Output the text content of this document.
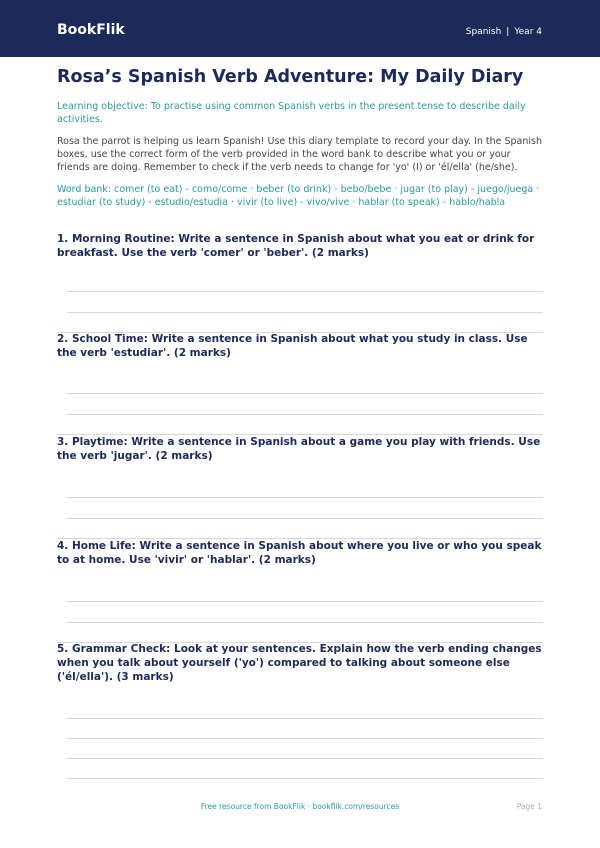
BookFlik	Spanish | Year 4
Rosa’s Spanish Verb Adventure: My Daily Diary

Learning objective: To practise using common Spanish verbs in the present tense to describe daily activities.

Rosa the parrot is helping us learn Spanish! Use this diary template to record your day. In the Spanish boxes, use the correct form of the verb provided in the word bank to describe what you or your friends are doing. Remember to check if the verb needs to change for 'yo' (I) or 'él/ella' (he/she).

Word bank: comer (to eat) - como/come · beber (to drink) - bebo/bebe · jugar (to play) - juego/juega · estudiar (to study) - estudio/estudia · vivir (to live) - vivo/vive · hablar (to speak) - hablo/habla

1. Morning Routine: Write a sentence in Spanish about what you eat or drink for breakfast. Use the verb 'comer' or 'beber'. (2 marks)

2. School Time: Write a sentence in Spanish about what you study in class. Use the verb 'estudiar'. (2 marks)

3. Playtime: Write a sentence in Spanish about a game you play with friends. Use the verb 'jugar'. (2 marks)

4. Home Life: Write a sentence in Spanish about where you live or who you speak to at home. Use 'vivir' or 'hablar'. (2 marks)

5. Grammar Check: Look at your sentences. Explain how the verb ending changes when you talk about yourself ('yo') compared to talking about someone else ('él/ella'). (3 marks)

Free resource from BookFlik · bookflik.com/resources	Page 1
